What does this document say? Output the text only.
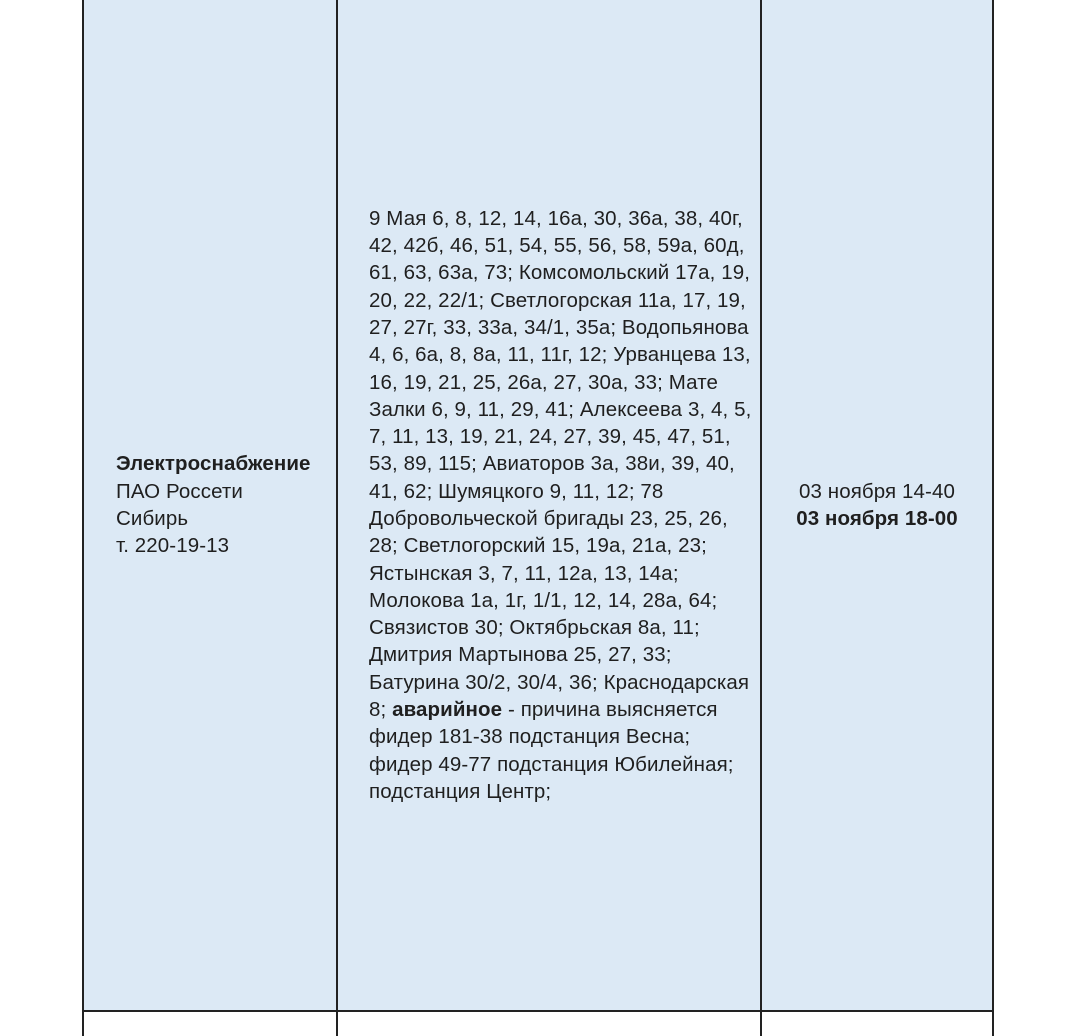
Электроснабжение
ПАО Россети
Сибирь
т. 220-19-13
9 Мая 6, 8, 12, 14, 16а, 30, 36а, 38, 40г, 42, 42б, 46, 51, 54, 55, 56, 58, 59а, 60д, 61, 63, 63а, 73; Комсомольский 17а, 19, 20, 22, 22/1; Светлогорская 11а, 17, 19, 27, 27г, 33, 33а, 34/1, 35а; Водопьянова 4, 6, 6а, 8, 8а, 11, 11г, 12; Урванцева 13, 16, 19, 21, 25, 26а, 27, 30а, 33; Мате Залки 6, 9, 11, 29, 41; Алексеева 3, 4, 5, 7, 11, 13, 19, 21, 24, 27, 39, 45, 47, 51, 53, 89, 115; Авиаторов 3а, 38и, 39, 40, 41, 62; Шумяцкого 9, 11, 12; 78 Добровольческой бригады 23, 25, 26, 28; Светлогорский 15, 19а, 21а, 23; Ястынская 3, 7, 11, 12а, 13, 14а; Молокова 1а, 1г, 1/1, 12, 14, 28а, 64; Связистов 30; Октябрьская 8а, 11; Дмитрия Мартынова 25, 27, 33; Батурина 30/2, 30/4, 36; Краснодарская 8; аварийное - причина выясняется фидер 181-38 подстанция Весна; фидер 49-77 подстанция Юбилейная; подстанция Центр;
03 ноября 14-40
03 ноября 18-00
